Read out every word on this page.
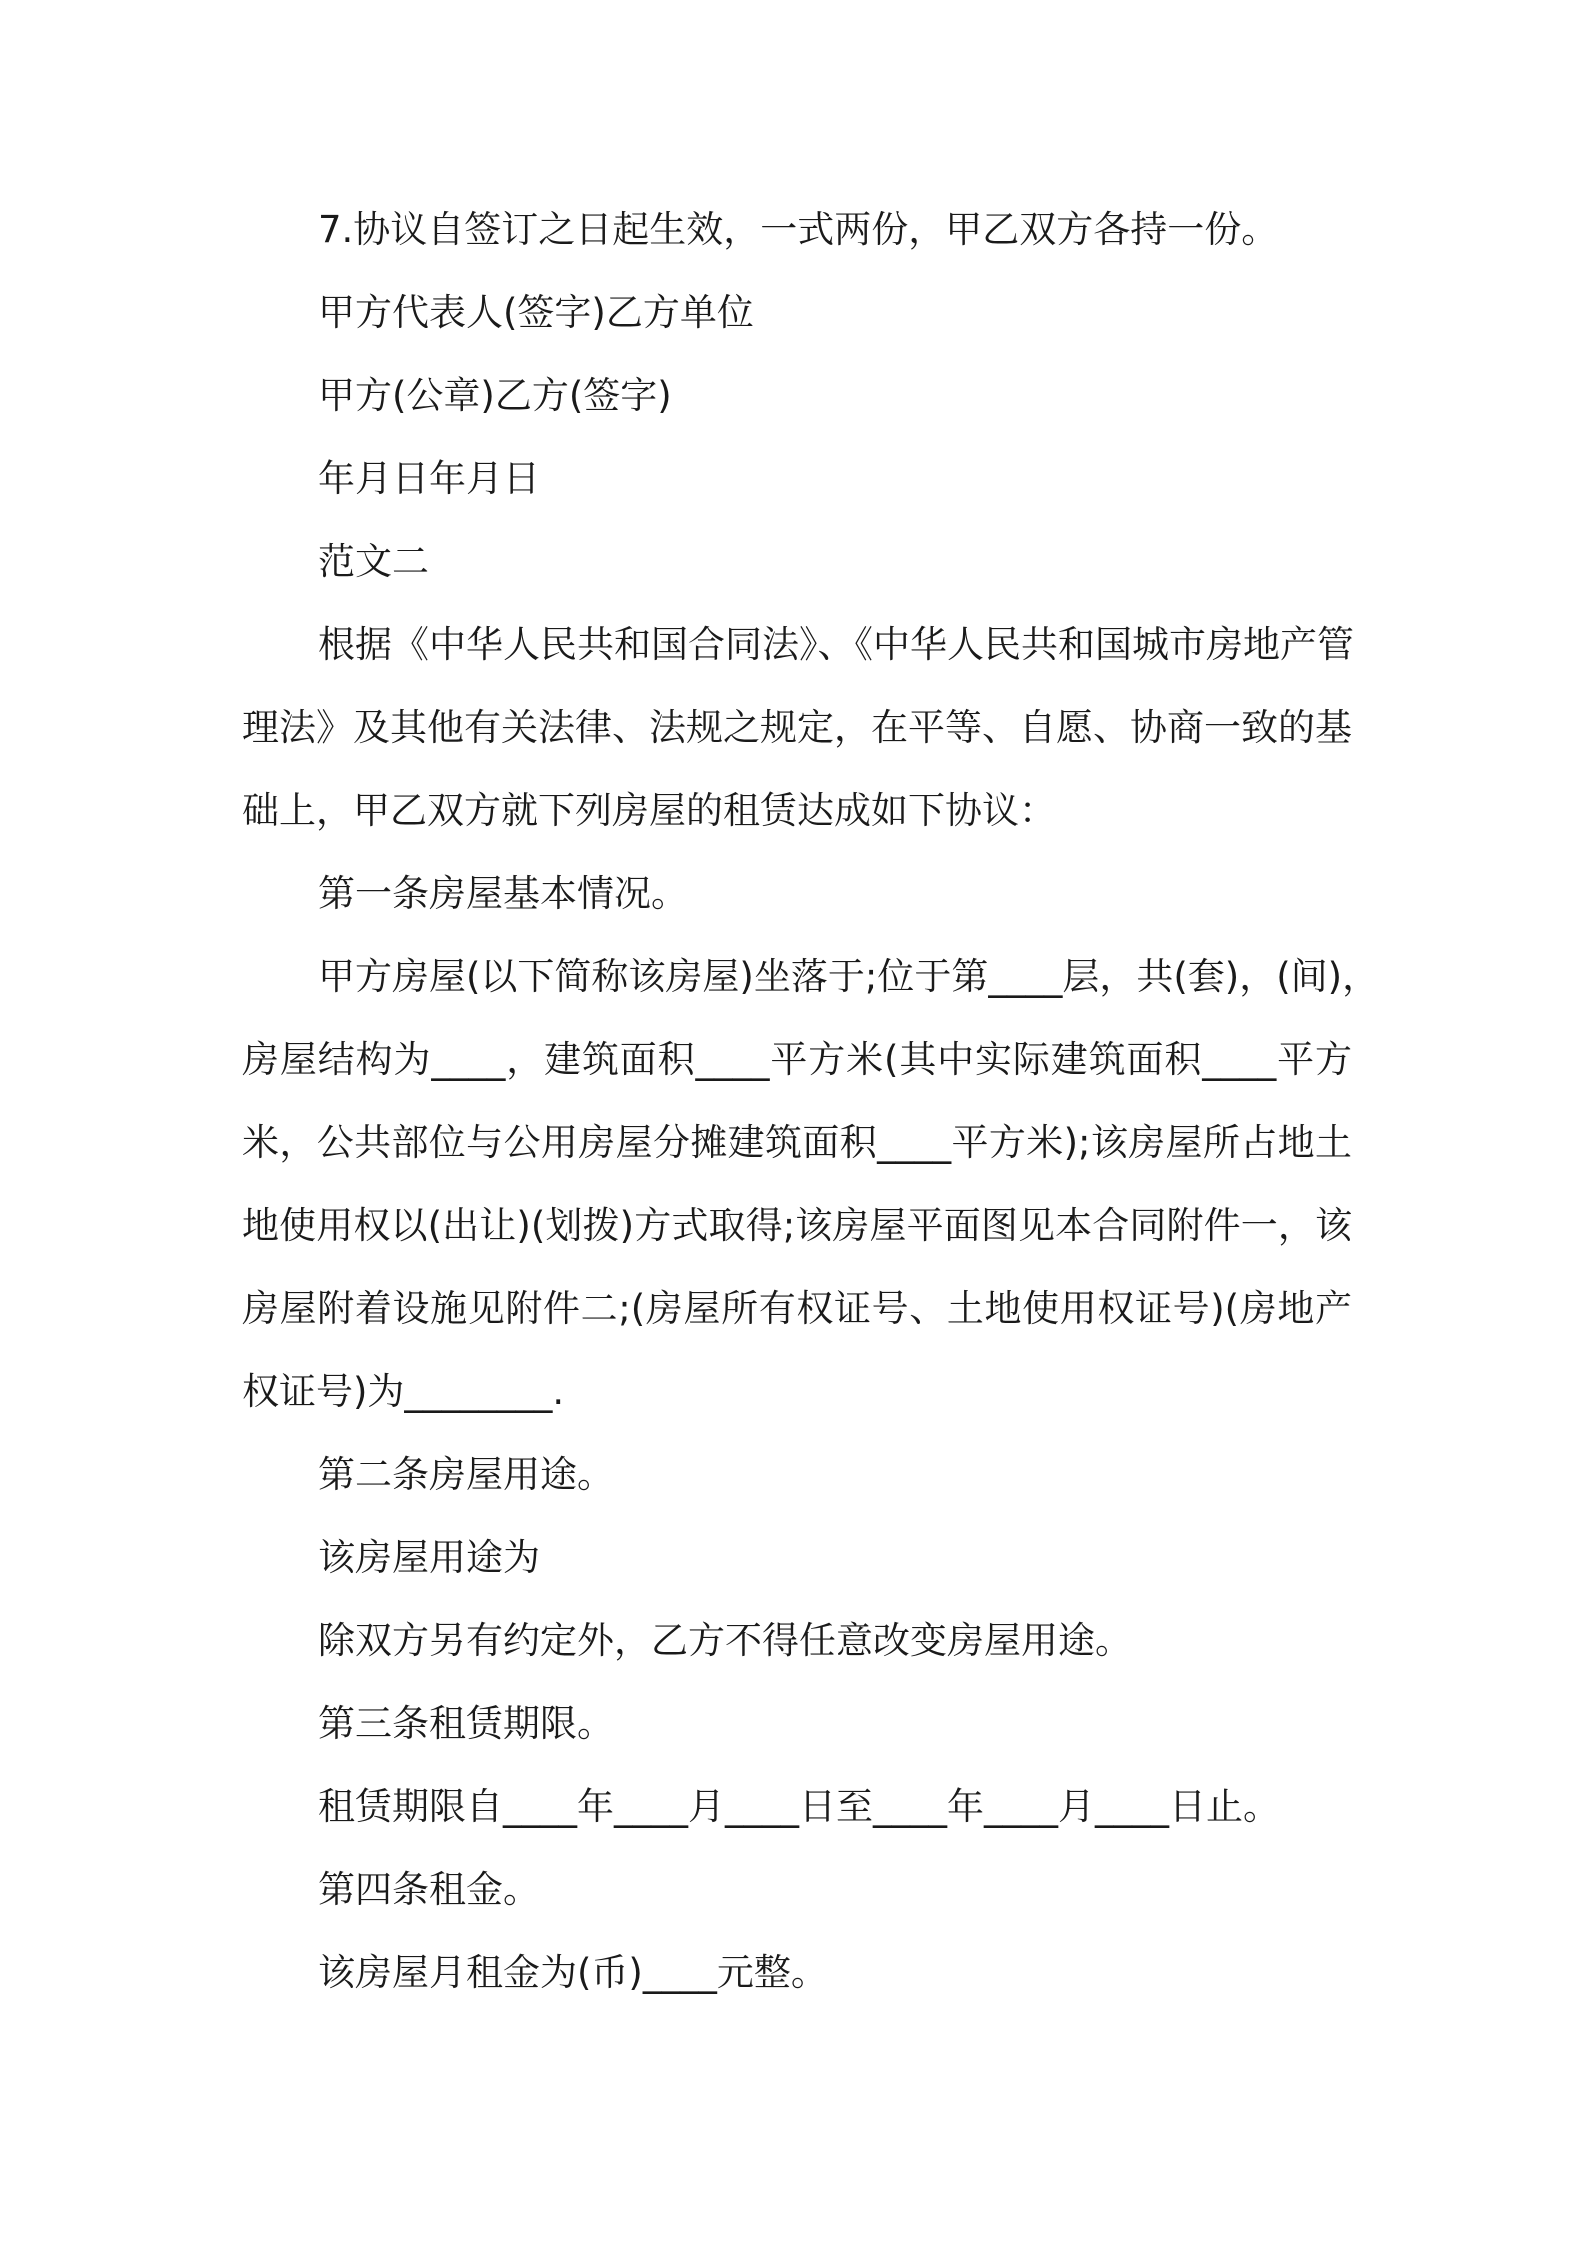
7.协议自签订之日起生效，一式两份，甲乙双方各持一份。
甲方代表人(签字)乙方单位
甲方(公章)乙方(签字)
年月日年月日
范文二
根据《中华人民共和国合同法》、《中华人民共和国城市房地产管
理法》及其他有关法律、法规之规定，在平等、自愿、协商一致的基
础上，甲乙双方就下列房屋的租赁达成如下协议：
第一条房屋基本情况。
甲方房屋(以下简称该房屋)坐落于;位于第____层，共(套)，(间)，
房屋结构为____，建筑面积____平方米(其中实际建筑面积____平方
米，公共部位与公用房屋分摊建筑面积____平方米);该房屋所占地土
地使用权以(出让)(划拨)方式取得;该房屋平面图见本合同附件一，该
房屋附着设施见附件二;(房屋所有权证号、土地使用权证号)(房地产
权证号)为________.
第二条房屋用途。
该房屋用途为
除双方另有约定外，乙方不得任意改变房屋用途。
第三条租赁期限。
租赁期限自____年____月____日至____年____月____日止。
第四条租金。
该房屋月租金为(币)____元整。
